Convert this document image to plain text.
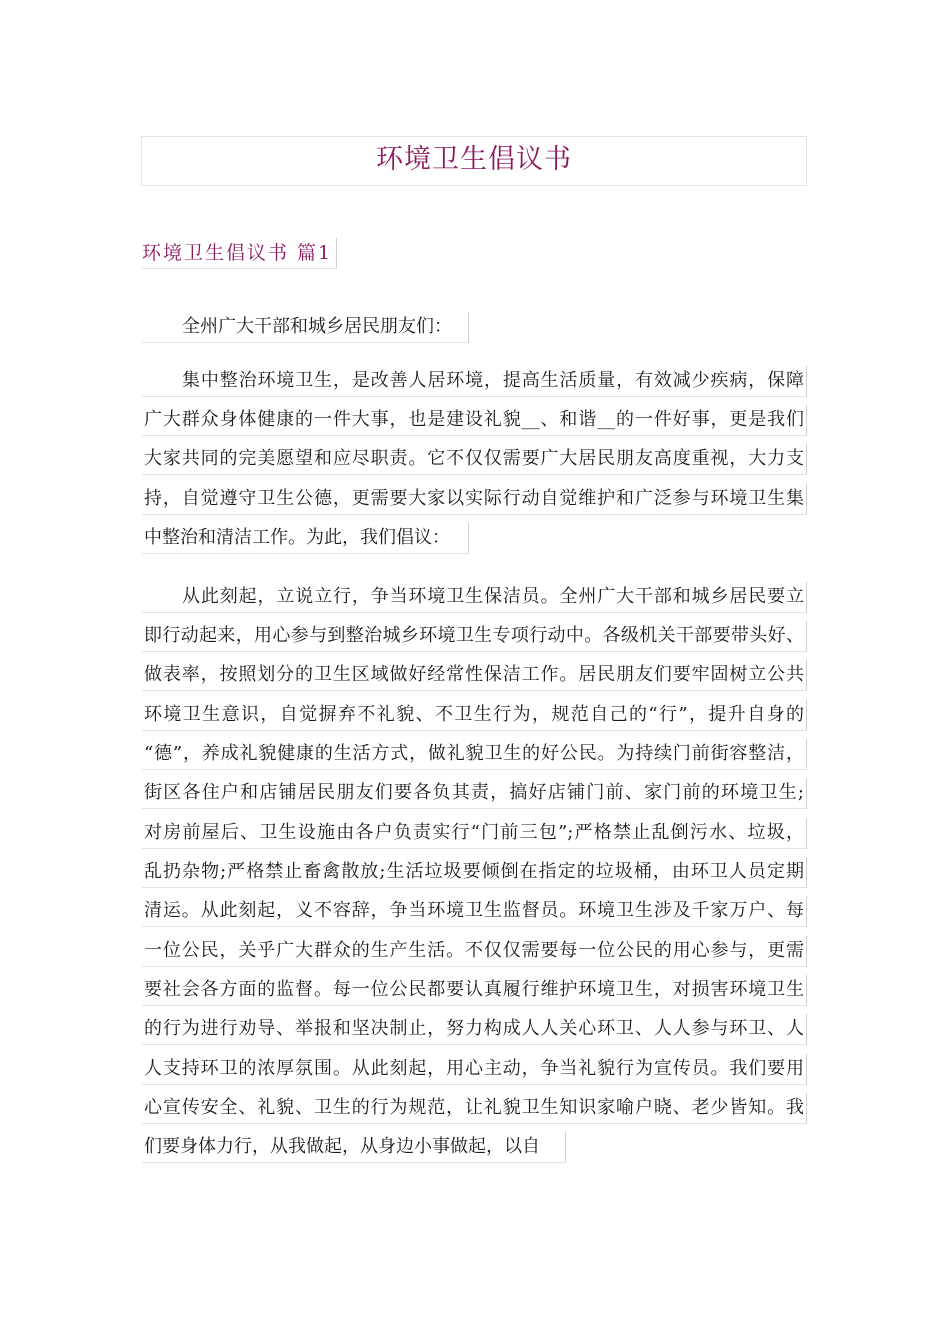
环境卫生倡议书
环境卫生倡议书 篇1
全州广大干部和城乡居民朋友们：
集中整治环境卫生，是改善人居环境，提高生活质量，有效减少疾病，保障
广大群众身体健康的一件大事，也是建设礼貌__、和谐__的一件好事，更是我们
大家共同的完美愿望和应尽职责。它不仅仅需要广大居民朋友高度重视，大力支
持，自觉遵守卫生公德，更需要大家以实际行动自觉维护和广泛参与环境卫生集
中整治和清洁工作。为此，我们倡议：
从此刻起，立说立行，争当环境卫生保洁员。全州广大干部和城乡居民要立
即行动起来，用心参与到整治城乡环境卫生专项行动中。各级机关干部要带头好、
做表率，按照划分的卫生区域做好经常性保洁工作。居民朋友们要牢固树立公共
环境卫生意识，自觉摒弃不礼貌、不卫生行为，规范自己的“行”，提升自身的
“德”，养成礼貌健康的生活方式，做礼貌卫生的好公民。为持续门前街容整洁，
街区各住户和店铺居民朋友们要各负其责，搞好店铺门前、家门前的环境卫生;
对房前屋后、卫生设施由各户负责实行“门前三包”;严格禁止乱倒污水、垃圾，
乱扔杂物;严格禁止畜禽散放;生活垃圾要倾倒在指定的垃圾桶，由环卫人员定期
清运。从此刻起，义不容辞，争当环境卫生监督员。环境卫生涉及千家万户、每
一位公民，关乎广大群众的生产生活。不仅仅需要每一位公民的用心参与，更需
要社会各方面的监督。每一位公民都要认真履行维护环境卫生，对损害环境卫生
的行为进行劝导、举报和坚决制止，努力构成人人关心环卫、人人参与环卫、人
人支持环卫的浓厚氛围。从此刻起，用心主动，争当礼貌行为宣传员。我们要用
心宣传安全、礼貌、卫生的行为规范，让礼貌卫生知识家喻户晓、老少皆知。我
们要身体力行，从我做起，从身边小事做起，以自
